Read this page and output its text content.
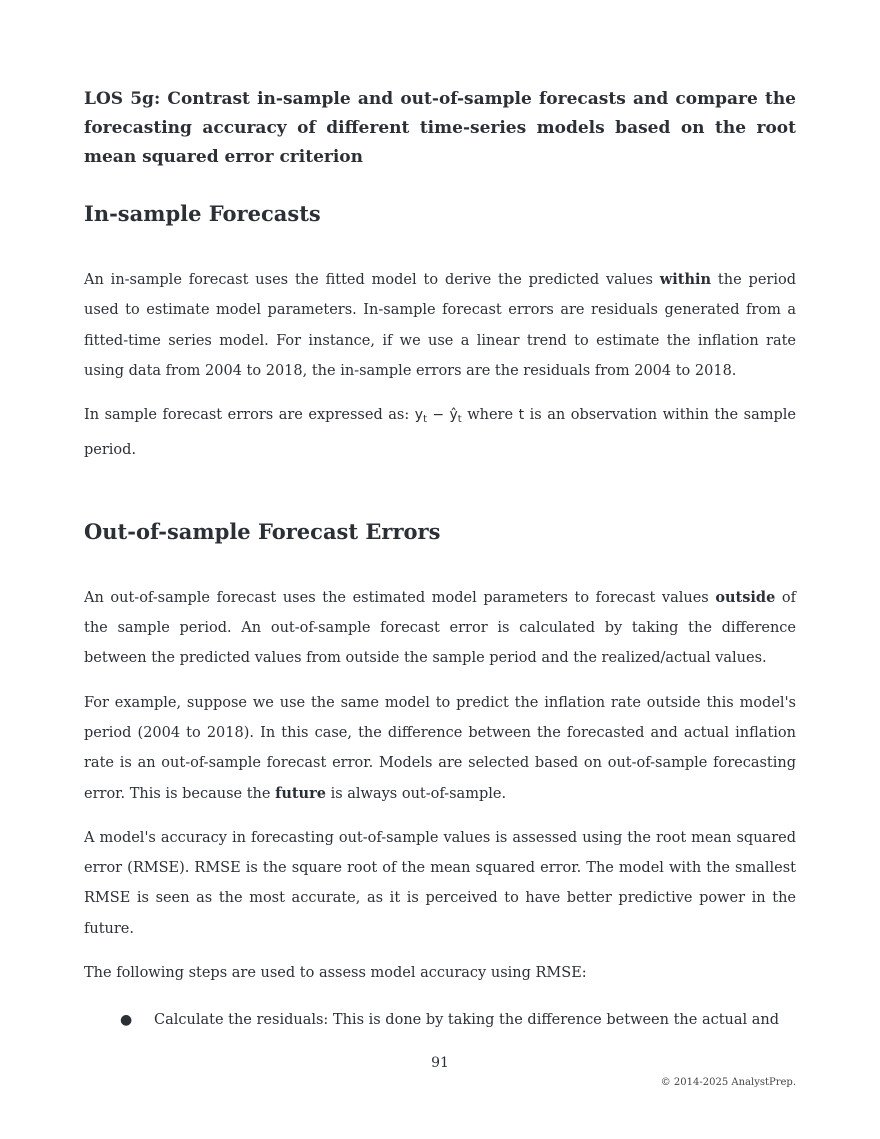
LOS 5g: Contrast in-sample and out-of-sample forecasts and compare the forecasting accuracy of different time-series models based on the root mean squared error criterion
In-sample Forecasts

An in-sample forecast uses the fitted model to derive the predicted values within the period used to estimate model parameters. In-sample forecast errors are residuals generated from a fitted-time series model. For instance, if we use a linear trend to estimate the inflation rate using data from 2004 to 2018, the in-sample errors are the residuals from 2004 to 2018.

In sample forecast errors are expressed as: $y_t$ − $ŷ_t$ where t is an observation within the sample period.

Out-of-sample Forecast Errors

An out-of-sample forecast uses the estimated model parameters to forecast values outside of the sample period. An out-of-sample forecast error is calculated by taking the difference between the predicted values from outside the sample period and the realized/actual values.

For example, suppose we use the same model to predict the inflation rate outside this model's period (2004 to 2018). In this case, the difference between the forecasted and actual inflation rate is an out-of-sample forecast error. Models are selected based on out-of-sample forecasting error. This is because the future is always out-of-sample.

A model's accuracy in forecasting out-of-sample values is assessed using the root mean squared error (RMSE). RMSE is the square root of the mean squared error. The model with the smallest RMSE is seen as the most accurate, as it is perceived to have better predictive power in the future.

The following steps are used to assess model accuracy using RMSE:

● Calculate the residuals: This is done by taking the difference between the actual and
91
© 2014-2025 AnalystPrep.
